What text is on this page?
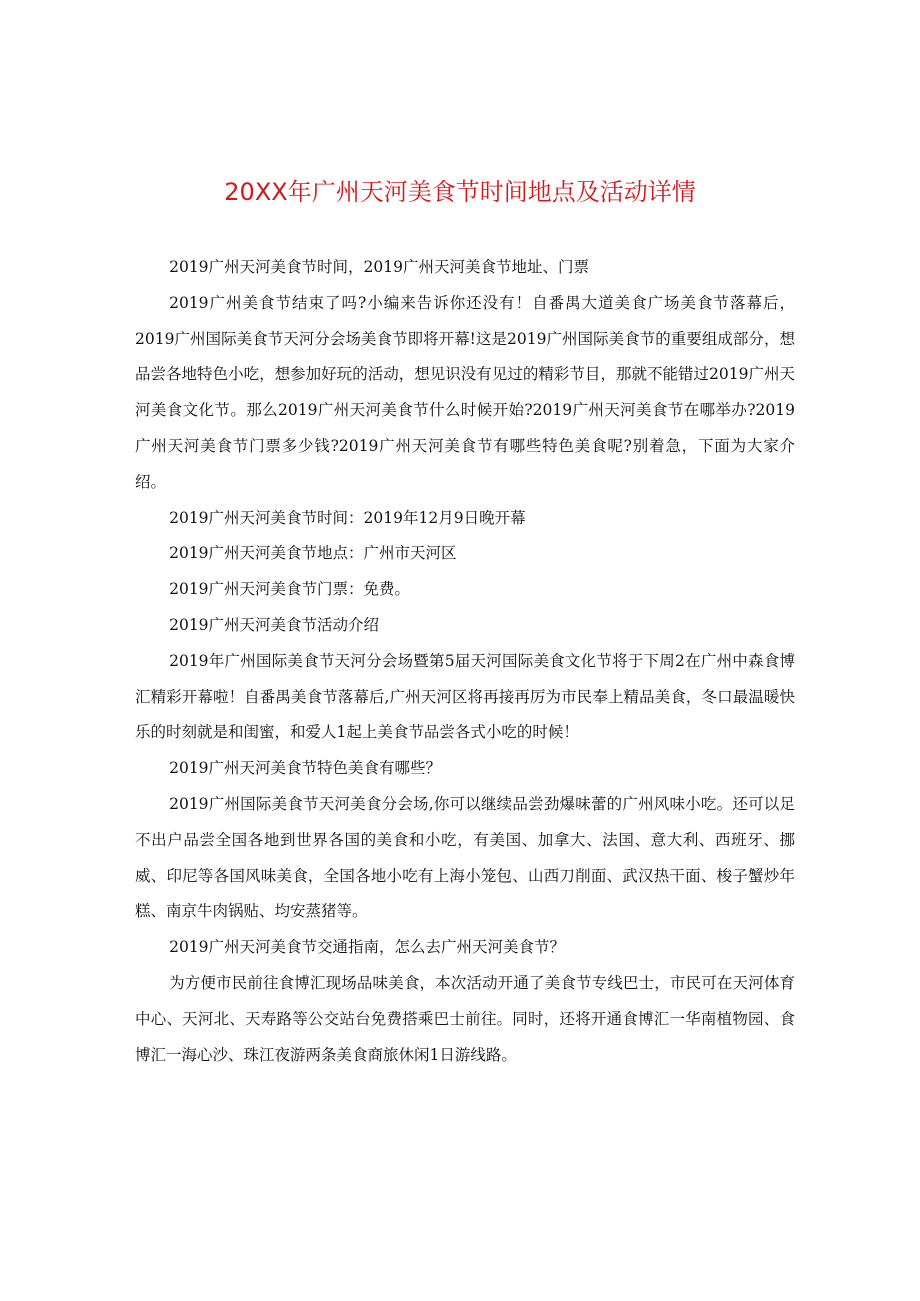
20XX年广州天河美食节时间地点及活动详情

2019广州天河美食节时间，2019广州天河美食节地址、门票

2019广州美食节结束了吗?小编来告诉你还没有！自番禺大道美食广场美食节落幕后，2019广州国际美食节天河分会场美食节即将开幕!这是2019广州国际美食节的重要组成部分，想品尝各地特色小吃，想参加好玩的活动，想见识没有见过的精彩节目，那就不能错过2019广州天河美食文化节。那么2019广州天河美食节什么时候开始?2019广州天河美食节在哪举办?2019广州天河美食节门票多少钱?2019广州天河美食节有哪些特色美食呢?别着急，下面为大家介绍。

2019广州天河美食节时间：2019年12月9日晚开幕

2019广州天河美食节地点：广州市天河区

2019广州天河美食节门票：免费。

2019广州天河美食节活动介绍

2019年广州国际美食节天河分会场暨第5届天河国际美食文化节将于下周2在广州中森食博汇精彩开幕啦！自番禺美食节落幕后,广州天河区将再接再厉为市民奉上精品美食，冬口最温暖快乐的时刻就是和闺蜜，和爱人1起上美食节品尝各式小吃的时候！

2019广州天河美食节特色美食有哪些？

2019广州国际美食节天河美食分会场,你可以继续品尝劲爆味蕾的广州风味小吃。还可以足不出户品尝全国各地到世界各国的美食和小吃，有美国、加拿大、法国、意大利、西班牙、挪威、印尼等各国风味美食，全国各地小吃有上海小笼包、山西刀削面、武汉热干面、梭子蟹炒年糕、南京牛肉锅贴、均安蒸猪等。

2019广州天河美食节交通指南，怎么去广州天河美食节？

为方便市民前往食博汇现场品味美食，本次活动开通了美食节专线巴士，市民可在天河体育中心、天河北、天寿路等公交站台免费搭乘巴士前往。同时，还将开通食博汇一华南植物园、食博汇一海心沙、珠江夜游两条美食商旅休闲1日游线路。
